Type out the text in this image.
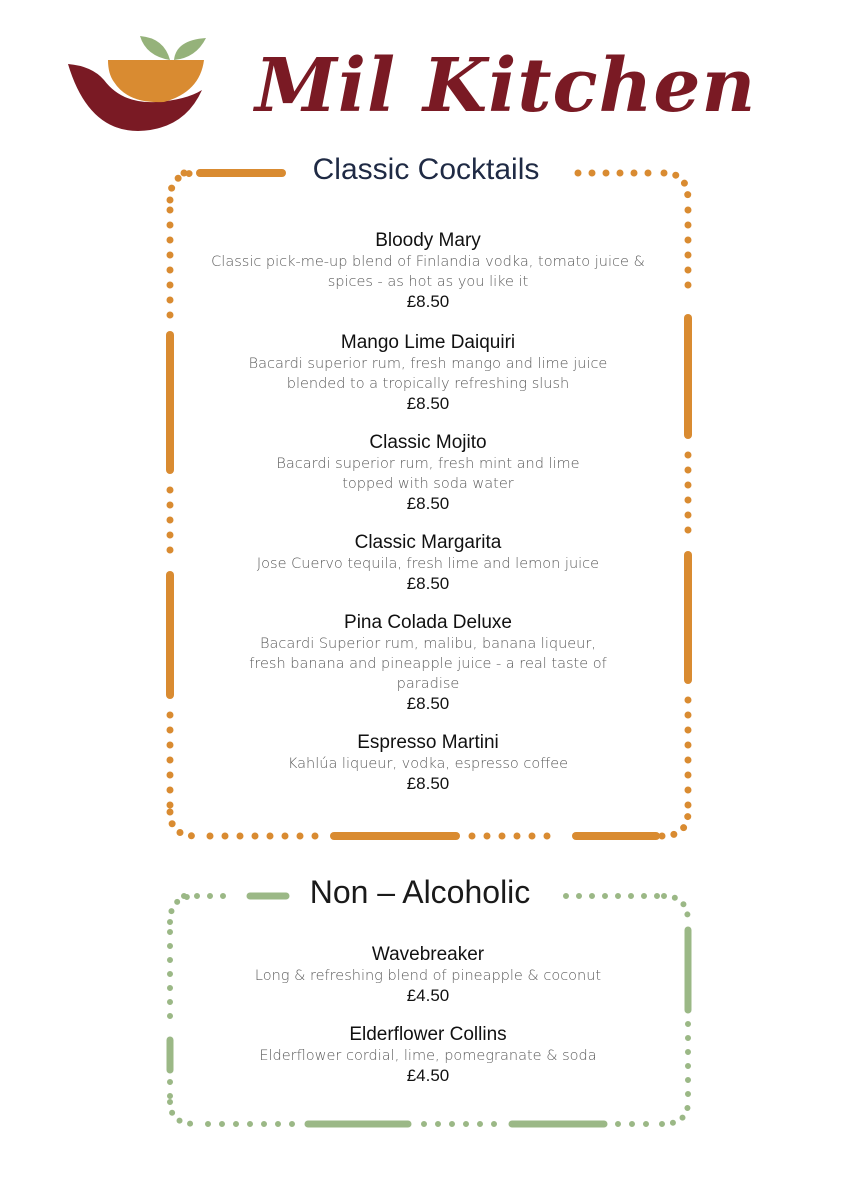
Mil Kitchen
Classic Cocktails
Non – Alcoholic
Bloody Mary
Classic pick-me-up blend of Finlandia vodka, tomato juice &
spices - as hot as you like it
£8.50
Mango Lime Daiquiri
Bacardi superior rum, fresh mango and lime juice
blended to a tropically refreshing slush
£8.50
Classic Mojito
Bacardi superior rum, fresh mint and lime
topped with soda water
£8.50
Classic Margarita
Jose Cuervo tequila, fresh lime and lemon juice
£8.50
Pina Colada Deluxe
Bacardi Superior rum, malibu, banana liqueur,
fresh banana and pineapple juice - a real taste of
paradise
£8.50
Espresso Martini
Kahlúa liqueur, vodka, espresso coffee
£8.50
Wavebreaker
Long & refreshing blend of pineapple & coconut
£4.50
Elderflower Collins
Elderflower cordial, lime, pomegranate & soda
£4.50
